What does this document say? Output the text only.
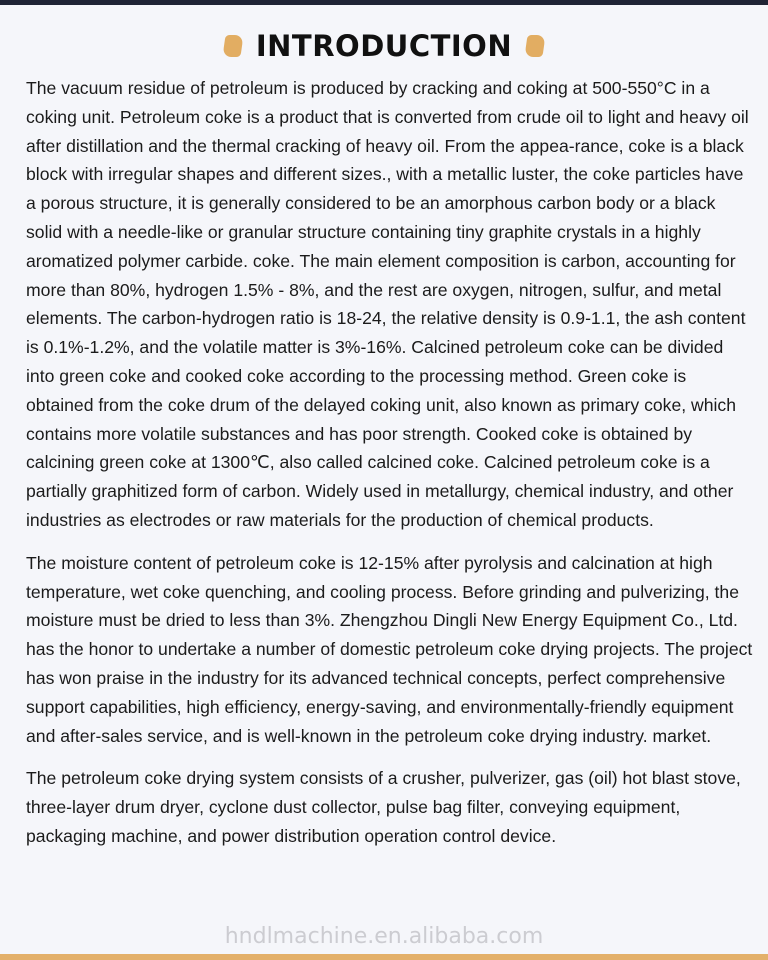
INTRODUCTION

The vacuum residue of petroleum is produced by cracking and coking at 500-550°C in a coking unit. Petroleum coke is a product that is converted from crude oil to light and heavy oil after distillation and the thermal cracking of heavy oil. From the appea-rance, coke is a black block with irregular shapes and different sizes., with a metallic luster, the coke particles have a porous structure, it is generally considered to be an amorphous carbon body or a black solid with a needle-like or granular structure containing tiny graphite crystals in a highly aromatized polymer carbide. coke. The main element composition is carbon, accounting for more than 80%, hydrogen 1.5% - 8%, and the rest are oxygen, nitrogen, sulfur, and metal elements. The carbon-hydrogen ratio is 18-24, the relative density is 0.9-1.1, the ash content is 0.1%-1.2%, and the volatile matter is 3%-16%. Calcined petroleum coke can be divided into green coke and cooked coke according to the processing method. Green coke is obtained from the coke drum of the delayed coking unit, also known as primary coke, which contains more volatile substances and has poor strength. Cooked coke is obtained by calcining green coke at 1300℃, also called calcined coke. Calcined petroleum coke is a partially graphitized form of carbon. Widely used in metallurgy, chemical industry, and other industries as electrodes or raw materials for the production of chemical products.

The moisture content of petroleum coke is 12-15% after pyrolysis and calcination at high temperature, wet coke quenching, and cooling process. Before grinding and pulverizing, the moisture must be dried to less than 3%. Zhengzhou Dingli New Energy Equipment Co., Ltd. has the honor to undertake a number of domestic petroleum coke drying projects. The project has won praise in the industry for its advanced technical concepts, perfect comprehensive support capabilities, high efficiency, energy-saving, and environmentally-friendly equipment and after-sales service, and is well-known in the petroleum coke drying industry. market.

The petroleum coke drying system consists of a crusher, pulverizer, gas (oil) hot blast stove, three-layer drum dryer, cyclone dust collector, pulse bag filter, conveying equipment, packaging machine, and power distribution operation control device.

hndlmachine.en.alibaba.com
